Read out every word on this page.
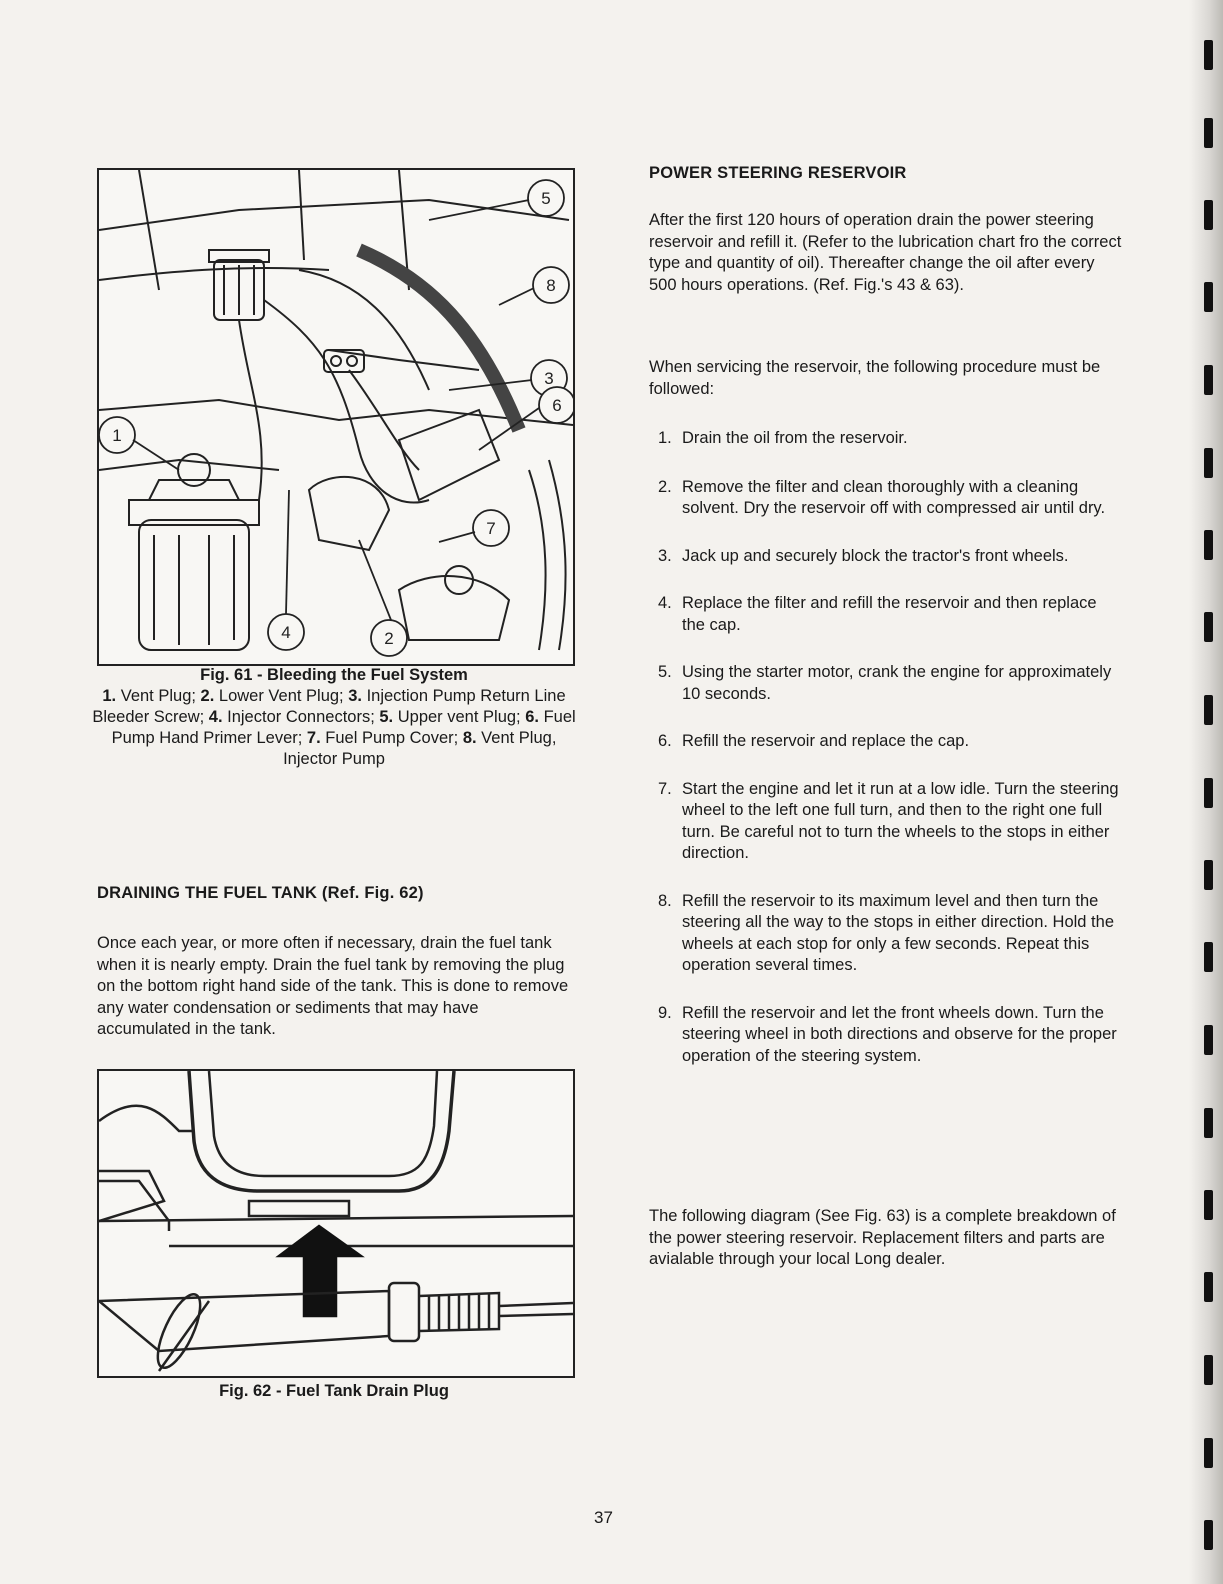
5
8
3
6
1
7
4	2
Fig. 61 - Bleeding the Fuel System
1. Vent Plug; 2. Lower Vent Plug; 3. Injection Pump Return Line Bleeder Screw; 4. Injector Connectors; 5. Upper vent Plug; 6. Fuel Pump Hand Primer Lever; 7. Fuel Pump Cover; 8. Vent Plug, Injector Pump
DRAINING THE FUEL TANK (Ref. Fig. 62)
Once each year, or more often if necessary, drain the fuel tank when it is nearly empty. Drain the fuel tank by removing the plug on the bottom right hand side of the tank. This is done to remove any water condensation or sediments that may have accumulated in the tank.
Fig. 62 - Fuel Tank Drain Plug
POWER STEERING RESERVOIR
After the first 120 hours of operation drain the power steering reservoir and refill it. (Refer to the lubrication chart fro the correct type and quantity of oil). Thereafter change the oil after every 500 hours operations. (Ref. Fig.'s 43 & 63).
When servicing the reservoir, the following procedure must be followed:
1. Drain the oil from the reservoir.
2. Remove the filter and clean thoroughly with a cleaning solvent. Dry the reservoir off with compressed air until dry.
3. Jack up and securely block the tractor's front wheels.
4. Replace the filter and refill the reservoir and then replace the cap.
5. Using the starter motor, crank the engine for approximately 10 seconds.
6. Refill the reservoir and replace the cap.
7. Start the engine and let it run at a low idle. Turn the steering wheel to the left one full turn, and then to the right one full turn. Be careful not to turn the wheels to the stops in either direction.
8. Refill the reservoir to its maximum level and then turn the steering all the way to the stops in either direction. Hold the wheels at each stop for only a few seconds. Repeat this operation several times.
9. Refill the reservoir and let the front wheels down. Turn the steering wheel in both directions and observe for the proper operation of the steering system.
The following diagram (See Fig. 63) is a complete breakdown of the power steering reservoir. Replacement filters and parts are avialable through your local Long dealer.
37
